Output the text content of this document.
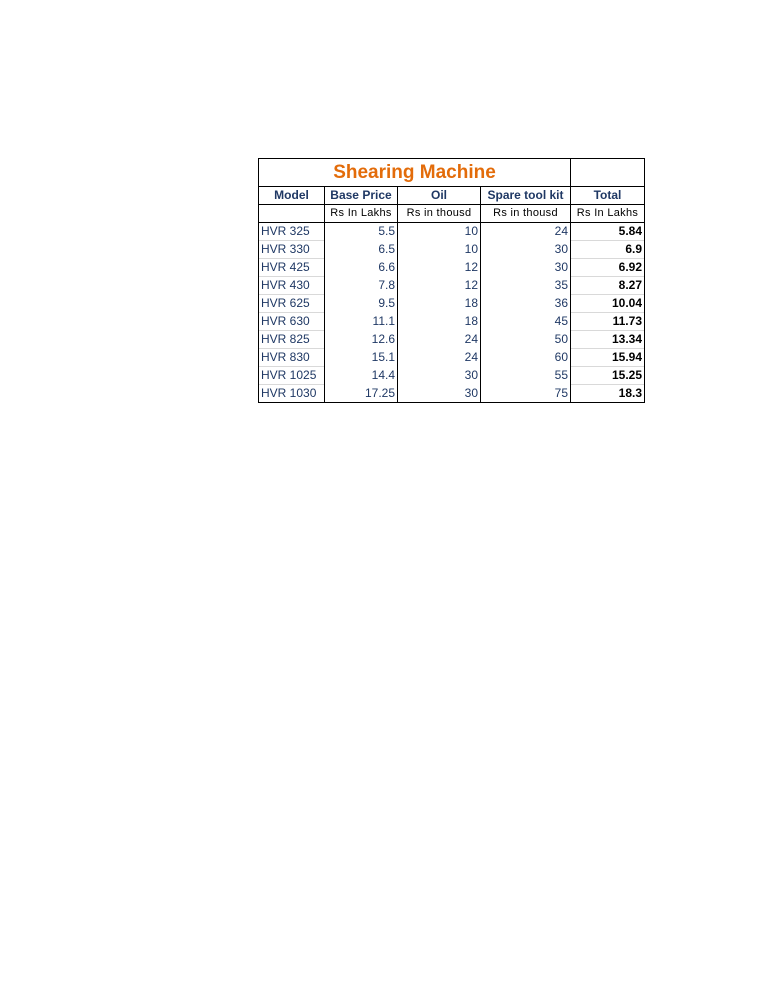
Shearing Machine				
Model	Base Price	Oil	Spare tool kit	Total
	Rs In Lakhs	Rs in thousd	Rs in thousd	Rs In Lakhs
HVR 325	5.5	10	24	5.84
HVR 330	6.5	10	30	6.9
HVR 425	6.6	12	30	6.92
HVR 430	7.8	12	35	8.27
HVR 625	9.5	18	36	10.04
HVR 630	11.1	18	45	11.73
HVR 825	12.6	24	50	13.34
HVR 830	15.1	24	60	15.94
HVR 1025	14.4	30	55	15.25
HVR 1030	17.25	30	75	18.3
